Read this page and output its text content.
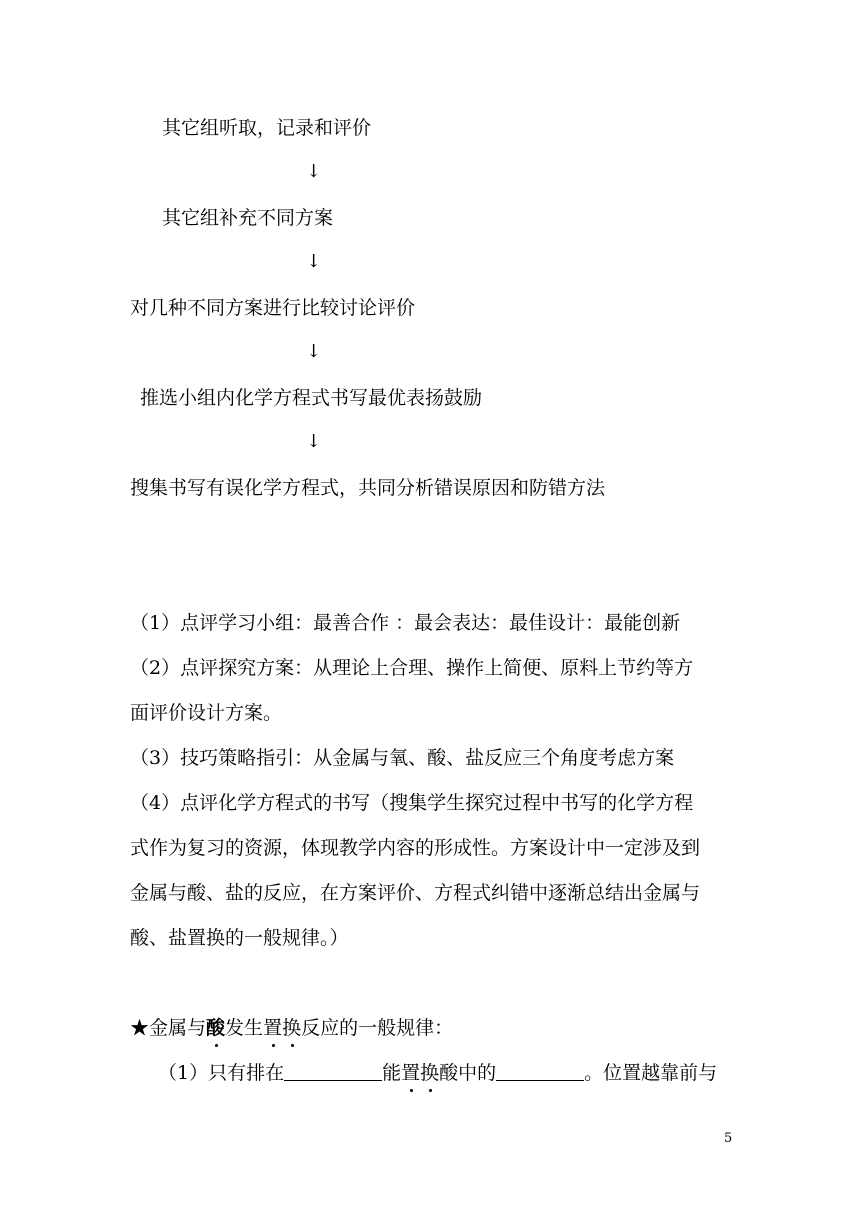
其它组听取，记录和评价
↓
其它组补充不同方案
↓
对几种不同方案进行比较讨论评价
↓
推选小组内化学方程式书写最优表扬鼓励
↓
搜集书写有误化学方程式，共同分析错误原因和防错方法
（1）点评学习小组：最善合作 ：最会表达：最佳设计：最能创新
（2）点评探究方案：从理论上合理、操作上简便、原料上节约等方
面评价设计方案。
（3）技巧策略指引：从金属与氧、酸、盐反应三个角度考虑方案
（4）点评化学方程式的书写（搜集学生探究过程中书写的化学方程
式作为复习的资源，体现教学内容的形成性。方案设计中一定涉及到
金属与酸、盐的反应，在方案评价、方程式纠错中逐渐总结出金属与
酸、盐置换的一般规律。）
★金属与酸发生置换反应的一般规律：
（1）只有排在	能置换酸中的	。位置越靠前与
5
